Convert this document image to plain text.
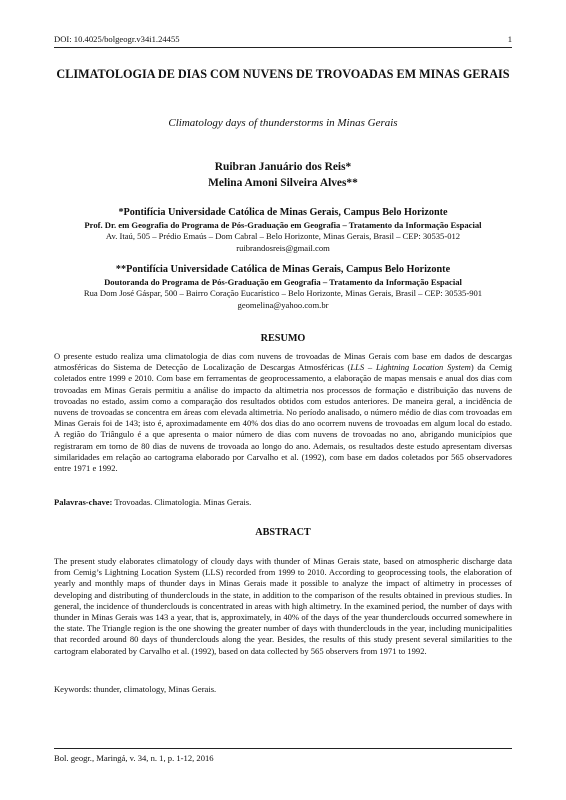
DOI: 10.4025/bolgeogr.v34i1.24455	1
CLIMATOLOGIA DE DIAS COM NUVENS DE TROVOADAS EM MINAS GERAIS
Climatology days of thunderstorms in Minas Gerais
Ruibran Januário dos Reis*
Melina Amoni Silveira Alves**
*Pontifícia Universidade Católica de Minas Gerais, Campus Belo Horizonte
Prof. Dr. em Geografia do Programa de Pós-Graduação em Geografia – Tratamento da Informação Espacial
Av. Itaú, 505 – Prédio Emaús – Dom Cabral – Belo Horizonte, Minas Gerais, Brasil – CEP: 30535-012
ruibrandosreis@gmail.com
**Pontifícia Universidade Católica de Minas Gerais, Campus Belo Horizonte
Doutoranda do Programa de Pós-Graduação em Geografia – Tratamento da Informação Espacial
Rua Dom José Gáspar, 500 – Bairro Coração Eucarístico – Belo Horizonte, Minas Gerais, Brasil – CEP: 30535-901
geomelina@yahoo.com.br
RESUMO
O presente estudo realiza uma climatologia de dias com nuvens de trovoadas de Minas Gerais com base em dados de descargas atmosféricas do Sistema de Detecção de Localização de Descargas Atmosféricas (LLS – Lightning Location System) da Cemig coletados entre 1999 e 2010. Com base em ferramentas de geoprocessamento, a elaboração de mapas mensais e anual dos dias com trovoadas em Minas Gerais permitiu a análise do impacto da altimetria nos processos de formação e distribuição das nuvens de trovoadas no estado, assim como a comparação dos resultados obtidos com estudos anteriores. De maneira geral, a incidência de nuvens de trovoadas se concentra em áreas com elevada altimetria. No período analisado, o número médio de dias com trovoadas em Minas Gerais foi de 143; isto é, aproximadamente em 40% dos dias do ano ocorrem nuvens de trovoadas em algum local do estado. A região do Triângulo é a que apresenta o maior número de dias com nuvens de trovoadas no ano, abrigando municípios que registraram em torno de 80 dias de nuvens de trovoada ao longo do ano. Ademais, os resultados deste estudo apresentam diversas similaridades em relação ao cartograma elaborado por Carvalho et al. (1992), com base em dados coletados por 565 observadores entre 1971 e 1992.
Palavras-chave: Trovoadas. Climatologia. Minas Gerais.
ABSTRACT
The present study elaborates climatology of cloudy days with thunder of Minas Gerais state, based on atmospheric discharge data from Cemig’s Lightning Location System (LLS) recorded from 1999 to 2010. According to geoprocessing tools, the elaboration of yearly and monthly maps of thunder days in Minas Gerais made it possible to analyze the impact of altimetry in processes of developing and distributing of thunderclouds in the state, in addition to the comparison of the results obtained in previous studies. In general, the incidence of thunderclouds is concentrated in areas with high altimetry. In the examined period, the number of days with thunder in Minas Gerais was 143 a year, that is, approximately, in 40% of the days of the year thunderclouds occurred somewhere in the state. The Triangle region is the one showing the greater number of days with thunderclouds in the year, including municipalities that recorded around 80 days of thunderclouds along the year. Besides, the results of this study present several similarities to the cartogram elaborated by Carvalho et al. (1992), based on data collected by 565 observers from 1971 to 1992.
Keywords: thunder, climatology, Minas Gerais.
Bol. geogr., Maringá, v. 34, n. 1, p. 1-12, 2016
